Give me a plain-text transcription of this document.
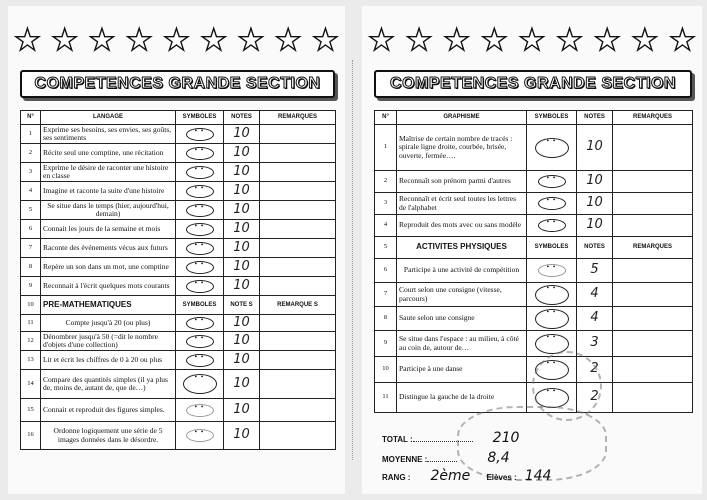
★ ★ ★ ★ ★ ★ ★ ★ ★
COMPETENCES GRANDE SECTION
N°	LANGAGE	SYMBOLES	NOTES	REMARQUES
1	Exprime ses besoins, ses envies, ses goûts, ses sentiments	• •	10	
2	Récite seul une comptine, une récitation	• •	10	
3	Exprime le désire de raconter une histoire en classe	• •	10	
4	Imagine et raconte la suite d'une histoire	• •	10	
5	Se situe dans le temps (hier, aujourd'hui, demain)	• •	10	
6	Connait les jours de la semaine et mois	• •	10	
7	Raconte des événements vécus aux futurs	• •	10	
8	Repère un son dans un mot, une comptine	• •	10	
9	Reconnait à l'écrit quelques mots courants	• •	10	
10	PRE-MATHEMATIQUES	SYMBOLES	NOTE S	REMARQUE S
11	Compte jusqu'à 20 (ou plus)	• •	10	
12	Dénombrer jusqu'à 50 (=dit le nombre d'objets d'une collection)	• •	10	
13	Lit et écrit les chiffres de 0 à 20 ou plus	• •	10	
14	Compare des quantités simples (il ya plus de, moins de, autant de, que de…)	• •	10	
15	Connait et reproduit des figures simples.	• •	10	
16	Ordonne logiquement une série de 5 images données dans le désordre.	• •	10	
★ ★ ★ ★ ★ ★ ★ ★ ★
COMPETENCES GRANDE SECTION
N°	GRAPHISME	SYMBOLES	NOTES	REMARQUES
1	Maîtrise de certain nombre de tracés : spirale ligne droite, courbée, brisée, ouverte, fermée….	• •	10	
2	Reconnaît son prénom parmi d'autres	• •	10	
3	Reconnaît et écrit seul toutes les lettres de l'alphabet	• •	10	
4	Reproduit des mots avec ou sans modèle	• •	10	
5	ACTIVITES PHYSIQUES	SYMBOLES	NOTES	REMARQUES
6	Participe à une activité de compétition	• •	5	
7	Court selon une consigne (vitesse, parcours)	• •	4	
8	Saute selon une consigne	• •	4	
9	Se situe dans l'espace : au milieu, à côté au coin de, autour de…	• •	3	
10	Participe à une danse	• •	2	
11	Distingue la gauche de la droite	• •	2	
TOTAL :	210
MOYENNE :	8,4
RANG : 2ème Elèves : 144
